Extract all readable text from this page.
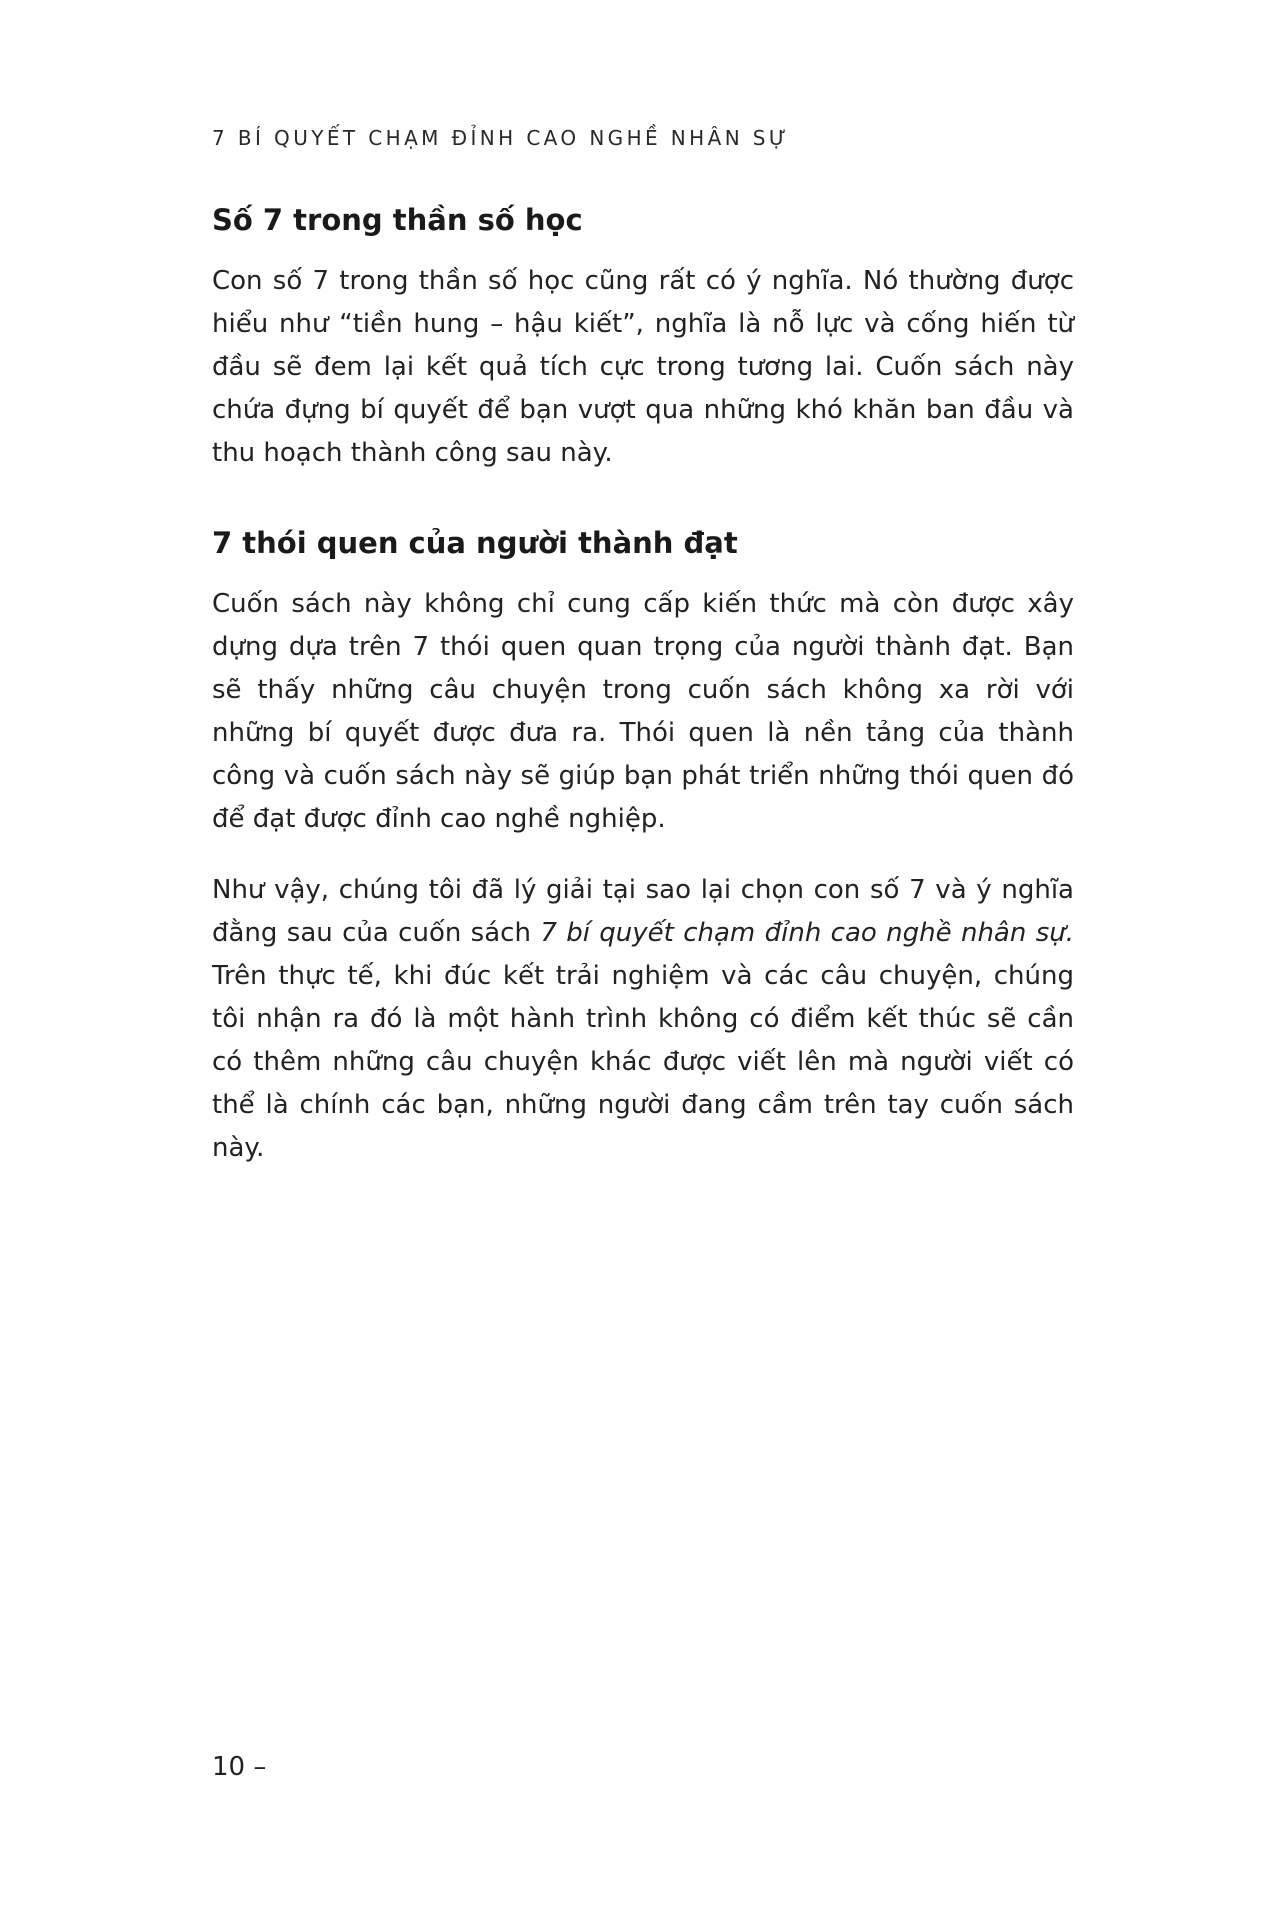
7 BÍ QUYẾT CHẠM ĐỈNH CAO NGHỀ NHÂN SỰ
Số 7 trong thần số học

Con số 7 trong thần số học cũng rất có ý nghĩa. Nó thường được hiểu như “tiền hung – hậu kiết”, nghĩa là nỗ lực và cống hiến từ đầu sẽ đem lại kết quả tích cực trong tương lai. Cuốn sách này chứa đựng bí quyết để bạn vượt qua những khó khăn ban đầu và thu hoạch thành công sau này.

7 thói quen của người thành đạt

Cuốn sách này không chỉ cung cấp kiến thức mà còn được xây dựng dựa trên 7 thói quen quan trọng của người thành đạt. Bạn sẽ thấy những câu chuyện trong cuốn sách không xa rời với những bí quyết được đưa ra. Thói quen là nền tảng của thành công và cuốn sách này sẽ giúp bạn phát triển những thói quen đó để đạt được đỉnh cao nghề nghiệp.

Như vậy, chúng tôi đã lý giải tại sao lại chọn con số 7 và ý nghĩa đằng sau của cuốn sách 7 bí quyết chạm đỉnh cao nghề nhân sự. Trên thực tế, khi đúc kết trải nghiệm và các câu chuyện, chúng tôi nhận ra đó là một hành trình không có điểm kết thúc sẽ cần có thêm những câu chuyện khác được viết lên mà người viết có thể là chính các bạn, những người đang cầm trên tay cuốn sách này.

10 –
